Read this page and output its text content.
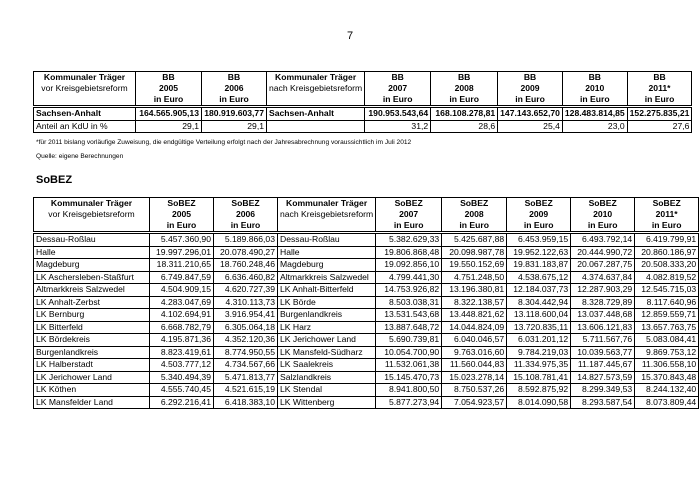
7
Kommunaler Träger	BB	BB	Kommunaler Träger	BB	BB	BB	BB	BB
vor Kreisgebietsreform	2005	2006	nach Kreisgebietsreform	2007	2008	2009	2010	2011*
	in Euro	in Euro		in Euro	in Euro	in Euro	in Euro	in Euro
Sachsen-Anhalt	164.565.905,13	180.919.603,77	Sachsen-Anhalt	190.953.543,64	168.108.278,81	147.143.652,70	128.483.814,85	152.275.835,21
Anteil an KdU in %	29,1	29,1		31,2	28,6	25,4	23,0	27,6
*für 2011 bislang vorläufige Zuweisung, die endgültige Verteilung erfolgt nach der Jahresabrechnung voraussichtlich im Juli 2012
Quelle: eigene Berechnungen
SoBEZ
Kommunaler Träger	SoBEZ	SoBEZ	Kommunaler Träger	SoBEZ	SoBEZ	SoBEZ	SoBEZ	SoBEZ
vor Kreisgebietsreform	2005	2006	nach Kreisgebietsreform	2007	2008	2009	2010	2011*
	in Euro	in Euro		in Euro	in Euro	in Euro	in Euro	in Euro
Dessau-Roßlau	5.457.360,90	5.189.866,03	Dessau-Roßlau	5.382.629,33	5.425.687,88	6.453.959,15	6.493.792,14	6.419.799,91
Halle	19.997.296,01	20.078.490,27	Halle	19.806.868,48	20.098.987,78	19.952.122,63	20.444.990,72	20.860.186,97
Magdeburg	18.311.210,65	18.760.248,46	Magdeburg	19.092.856,10	19.550.152,69	19.831.183,87	20.067.287,75	20.508.333,20
LK Aschersleben-Staßfurt	6.749.847,59	6.636.460,82	Altmarkkreis Salzwedel	4.799.441,30	4.751.248,50	4.538.675,12	4.374.637,84	4.082.819,52
Altmarkkreis Salzwedel	4.504.909,15	4.620.727,39	LK Anhalt-Bitterfeld	14.753.926,82	13.196.380,81	12.184.037,73	12.287.903,29	12.545.715,03
LK Anhalt-Zerbst	4.283.047,69	4.310.113,73	LK Börde	8.503.038,31	8.322.138,57	8.304.442,94	8.328.729,89	8.117.640,96
LK Bernburg	4.102.694,91	3.916.954,41	Burgenlandkreis	13.531.543,68	13.448.821,62	13.118.600,04	13.037.448,68	12.859.559,71
LK Bitterfeld	6.668.782,79	6.305.064,18	LK Harz	13.887.648,72	14.044.824,09	13.720.835,11	13.606.121,83	13.657.763,75
LK Bördekreis	4.195.871,36	4.352.120,36	LK Jerichower Land	5.690.739,81	6.040.046,57	6.031.201,12	5.711.567,76	5.083.084,41
Burgenlandkreis	8.823.419,61	8.774.950,55	LK Mansfeld-Südharz	10.054.700,90	9.763.016,60	9.784.219,03	10.039.563,77	9.869.753,12
LK Halberstadt	4.503.777,12	4.734.567,66	LK Saalekreis	11.532.061,38	11.560.044,83	11.334.975,35	11.187.445,67	11.306.558,10
LK Jerichower Land	5.340.494,39	5.471.813,77	Salzlandkreis	15.145.470,73	15.023.278,14	15.108.781,41	14.827.573,59	15.370.843,48
LK Köthen	4.555.740,45	4.521.615,19	LK Stendal	8.941.800,50	8.750.537,26	8.592.875,92	8.299.349,53	8.244.132,40
LK Mansfelder Land	6.292.216,41	6.418.383,10	LK Wittenberg	5.877.273,94	7.054.923,57	8.014.090,58	8.293.587,54	8.073.809,44
